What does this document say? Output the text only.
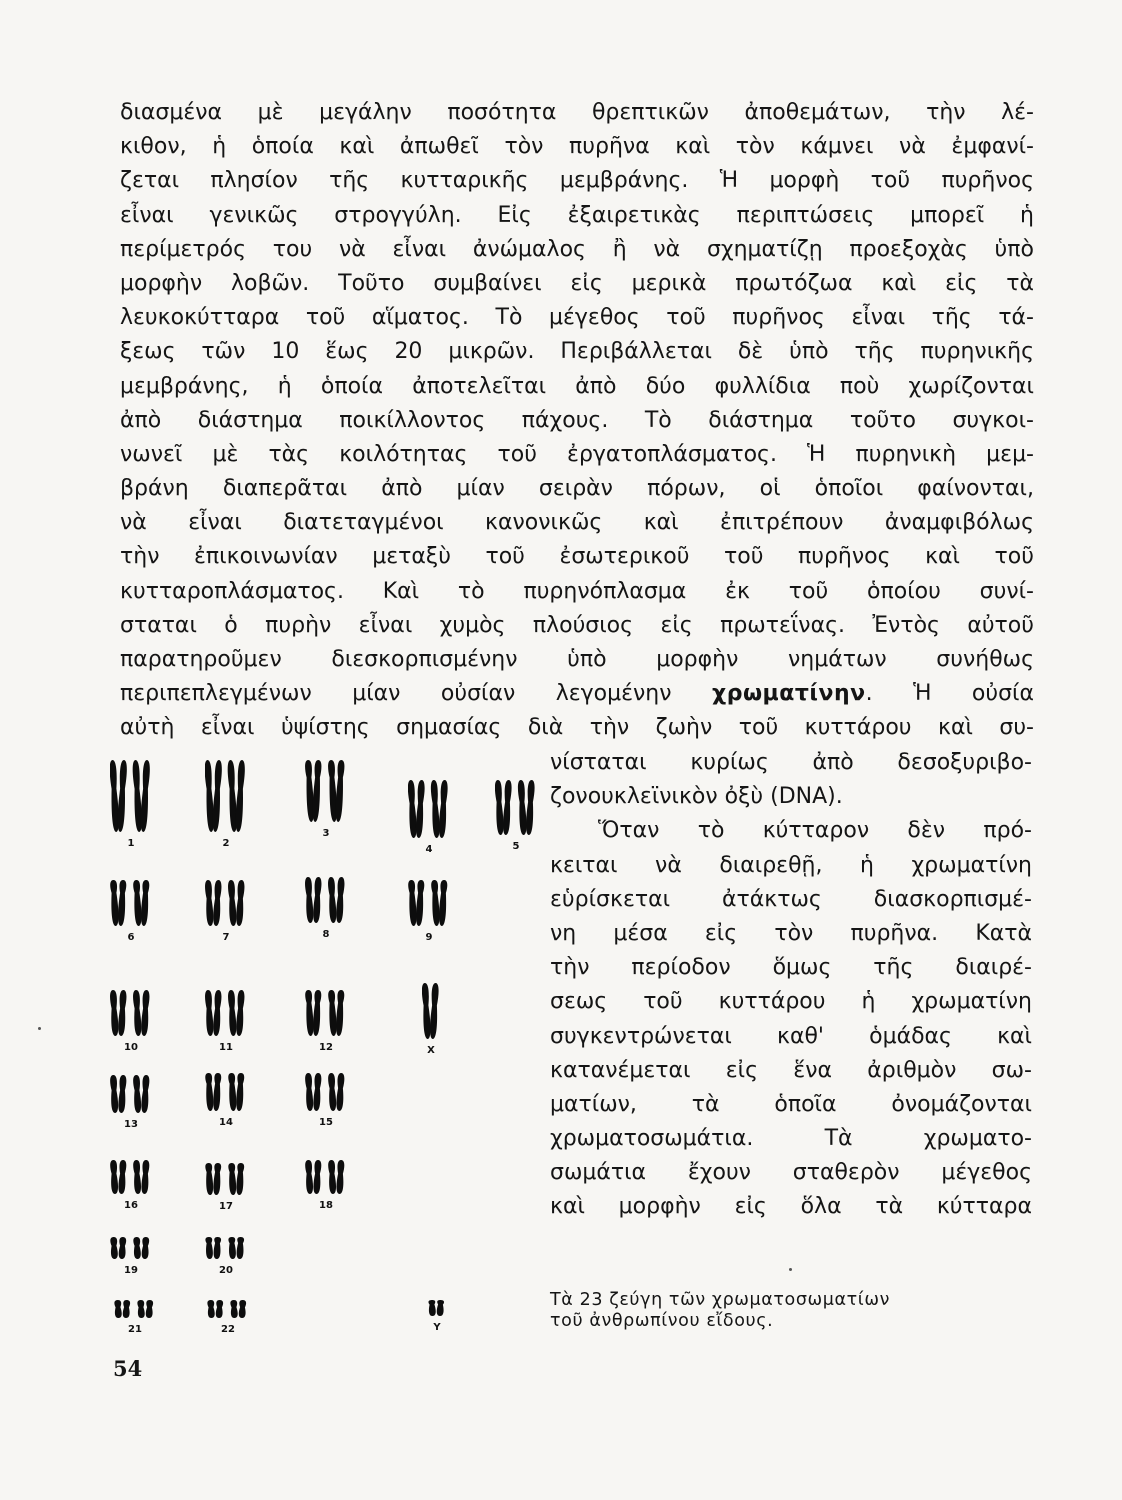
διασμένα μὲ μεγάλην ποσότητα θρεπτικῶν ἀποθεμάτων, τὴν λέ-
κιθον, ἡ ὁποία καὶ ἀπωθεῖ τὸν πυρῆνα καὶ τὸν κάμνει νὰ ἐμφανί-
ζεται πλησίον τῆς κυτταρικῆς μεμβράνης. Ἡ μορφὴ τοῦ πυρῆνος
εἶναι γενικῶς στρογγύλη. Εἰς ἐξαιρετικὰς περιπτώσεις μπορεῖ ἡ
περίμετρός του νὰ εἶναι ἀνώμαλος ἢ νὰ σχηματίζῃ προεξοχὰς ὑπὸ
μορφὴν λοβῶν. Τοῦτο συμβαίνει εἰς μερικὰ πρωτόζωα καὶ εἰς τὰ
λευκοκύτταρα τοῦ αἵματος. Τὸ μέγεθος τοῦ πυρῆνος εἶναι τῆς τά-
ξεως τῶν 10 ἕως 20 μικρῶν. Περιβάλλεται δὲ ὑπὸ τῆς πυρηνικῆς
μεμβράνης, ἡ ὁποία ἀποτελεῖται ἀπὸ δύο φυλλίδια ποὺ χωρίζονται
ἀπὸ διάστημα ποικίλλοντος πάχους. Τὸ διάστημα τοῦτο συγκοι-
νωνεῖ μὲ τὰς κοιλότητας τοῦ ἐργατοπλάσματος. Ἡ πυρηνικὴ μεμ-
βράνη διαπερᾶται ἀπὸ μίαν σειρὰν πόρων, οἱ ὁποῖοι φαίνονται,
νὰ εἶναι διατεταγμένοι κανονικῶς καὶ ἐπιτρέπουν ἀναμφιβόλως
τὴν ἐπικοινωνίαν μεταξὺ τοῦ ἐσωτερικοῦ τοῦ πυρῆνος καὶ τοῦ
κυτταροπλάσματος. Καὶ τὸ πυρηνόπλασμα ἐκ τοῦ ὁποίου συνί-
σταται ὁ πυρὴν εἶναι χυμὸς πλούσιος εἰς πρωτεΐνας. Ἐντὸς αὐτοῦ
παρατηροῦμεν διεσκορπισμένην ὑπὸ μορφὴν νημάτων συνήθως
περιπεπλεγμένων μίαν οὐσίαν λεγομένην χρωματίνην. Ἡ οὐσία
αὐτὴ εἶναι ὑψίστης σημασίας διὰ τὴν ζωὴν τοῦ κυττάρου καὶ συ-
νίσταται κυρίως ἀπὸ δεσοξυριβο-
ζονουκλεϊνικὸν ὀξὺ (DNA).
Ὅταν τὸ κύτταρον δὲν πρό-
κειται νὰ διαιρεθῇ, ἡ χρωματίνη
εὑρίσκεται ἀτάκτως διασκορπισμέ-
νη μέσα εἰς τὸν πυρῆνα. Κατὰ
τὴν περίοδον ὅμως τῆς διαιρέ-
σεως τοῦ κυττάρου ἡ χρωματίνη
συγκεντρώνεται καθ' ὁμάδας καὶ
κατανέμεται εἰς ἕνα ἀριθμὸν σω-
ματίων, τὰ ὁποῖα ὀνομάζονται
χρωματοσωμάτια. Τὰ χρωματο-
σωμάτια ἔχουν σταθερὸν μέγεθος
καὶ μορφὴν εἰς ὅλα τὰ κύτταρα
1	2
3
4	5
6	7	8	9
10	11	12	X
13	14	15
16	17	18
19	20
21	22	Y
Τὰ 23 ζεύγη τῶν χρωματοσωματίων
τοῦ ἀνθρωπίνου εἴδους.
54
